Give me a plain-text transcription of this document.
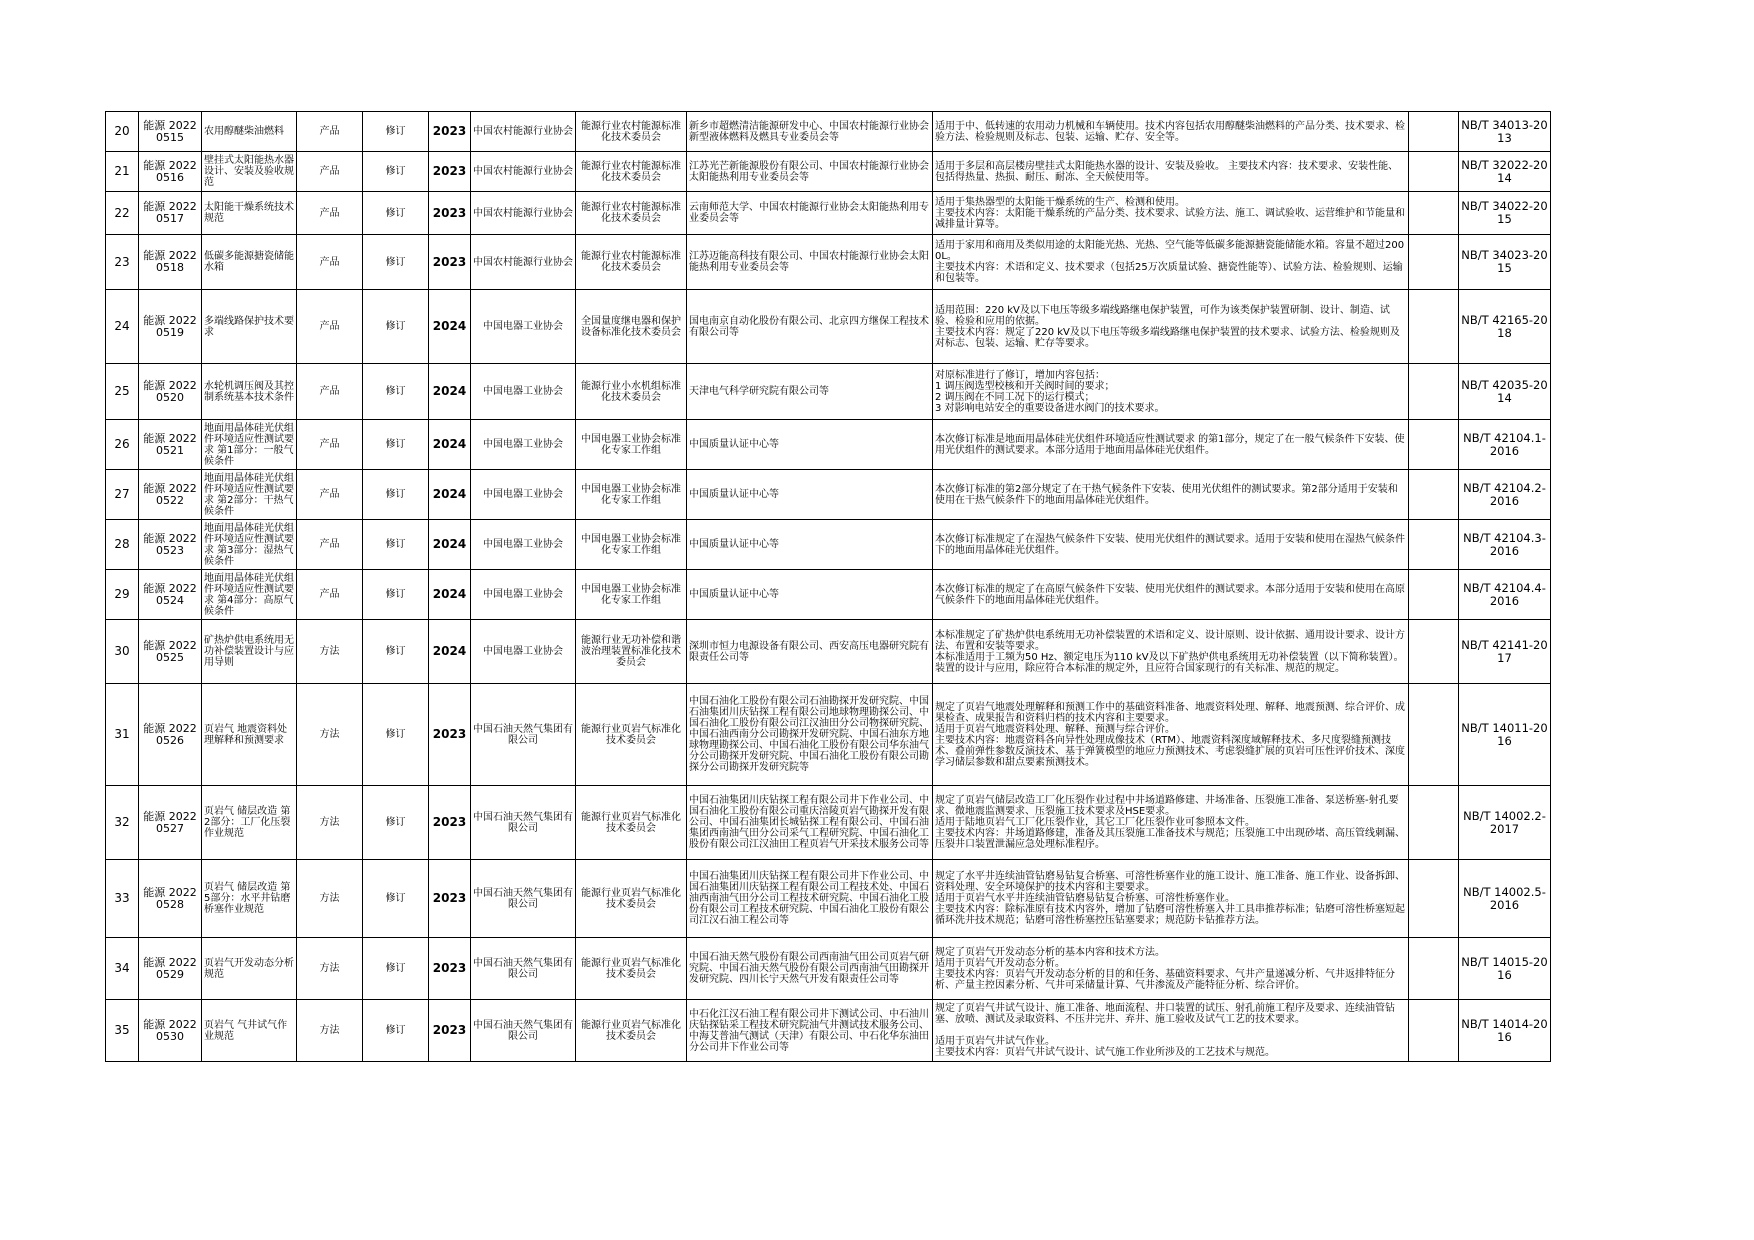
20	能源 20220515	农用醇醚柴油燃料	产品	修订	2023	中国农村能源行业协会	能源行业农村能源标准化技术委员会	新乡市超燃清洁能源研发中心、中国农村能源行业协会新型液体燃料及燃具专业委员会等	适用于中、低转速的农用动力机械和车辆使用。技术内容包括农用醇醚柴油燃料的产品分类、技术要求、检验方法、检验规则及标志、包装、运输、贮存、安全等。		NB/T 34013-2013
21	能源 20220516	壁挂式太阳能热水器设计、安装及验收规范	产品	修订	2023	中国农村能源行业协会	能源行业农村能源标准化技术委员会	江苏光芒新能源股份有限公司、中国农村能源行业协会太阳能热利用专业委员会等	适用于多层和高层楼房壁挂式太阳能热水器的设计、安装及验收。 主要技术内容：技术要求、安装性能、包括得热量、热损、耐压、耐冻、全天候使用等。		NB/T 32022-2014
22	能源 20220517	太阳能干燥系统技术规范	产品	修订	2023	中国农村能源行业协会	能源行业农村能源标准化技术委员会	云南师范大学、中国农村能源行业协会太阳能热利用专业委员会等	适用于集热器型的太阳能干燥系统的生产、检测和使用。
主要技术内容：太阳能干燥系统的产品分类、技术要求、试验方法、施工、调试验收、运营维护和节能量和减排量计算等。		NB/T 34022-2015
23	能源 20220518	低碳多能源搪瓷储能水箱	产品	修订	2023	中国农村能源行业协会	能源行业农村能源标准化技术委员会	江苏迈能高科技有限公司、中国农村能源行业协会太阳能热利用专业委员会等	适用于家用和商用及类似用途的太阳能光热、光热、空气能等低碳多能源搪瓷能储能水箱。容量不超过2000L。
主要技术内容：术语和定义、技术要求（包括25万次质量试验、搪瓷性能等）、试验方法、检验规则、运输和包装等。		NB/T 34023-2015
24	能源 20220519	多端线路保护技术要求	产品	修订	2024	中国电器工业协会	全国量度继电器和保护设备标准化技术委员会	国电南京自动化股份有限公司、北京四方继保工程技术有限公司等	适用范围：220 kV及以下电压等级多端线路继电保护装置，可作为该类保护装置研制、设计、制造、试验、检验和应用的依据。
主要技术内容：规定了220 kV及以下电压等级多端线路继电保护装置的技术要求、试验方法、检验规则及对标志、包装、运输、贮存等要求。		NB/T 42165-2018
25	能源 20220520	水轮机调压阀及其控制系统基本技术条件	产品	修订	2024	中国电器工业协会	能源行业小水机组标准化技术委员会	天津电气科学研究院有限公司等	对原标准进行了修订，增加内容包括：
1 调压阀选型校核和开关阀时间的要求；
2 调压阀在不同工况下的运行模式；
3 对影响电站安全的重要设备进水阀门的技术要求。		NB/T 42035-2014
26	能源 20220521	地面用晶体硅光伏组件环境适应性测试要求 第1部分：一般气候条件	产品	修订	2024	中国电器工业协会	中国电器工业协会标准化专家工作组	中国质量认证中心等	本次修订标准是地面用晶体硅光伏组件环境适应性测试要求 的第1部分，规定了在一般气候条件下安装、使用光伏组件的测试要求。本部分适用于地面用晶体硅光伏组件。		NB/T 42104.1-2016
27	能源 20220522	地面用晶体硅光伏组件环境适应性测试要求 第2部分：干热气候条件	产品	修订	2024	中国电器工业协会	中国电器工业协会标准化专家工作组	中国质量认证中心等	本次修订标准的第2部分规定了在干热气候条件下安装、使用光伏组件的测试要求。第2部分适用于安装和使用在干热气候条件下的地面用晶体硅光伏组件。		NB/T 42104.2-2016
28	能源 20220523	地面用晶体硅光伏组件环境适应性测试要求 第3部分：湿热气候条件	产品	修订	2024	中国电器工业协会	中国电器工业协会标准化专家工作组	中国质量认证中心等	本次修订标准规定了在湿热气候条件下安装、使用光伏组件的测试要求。适用于安装和使用在湿热气候条件下的地面用晶体硅光伏组件。		NB/T 42104.3-2016
29	能源 20220524	地面用晶体硅光伏组件环境适应性测试要求 第4部分：高原气候条件	产品	修订	2024	中国电器工业协会	中国电器工业协会标准化专家工作组	中国质量认证中心等	本次修订标准的规定了在高原气候条件下安装、使用光伏组件的测试要求。本部分适用于安装和使用在高原气候条件下的地面用晶体硅光伏组件。		NB/T 42104.4-2016
30	能源 20220525	矿热炉供电系统用无功补偿装置设计与应用导则	方法	修订	2024	中国电器工业协会	能源行业无功补偿和谐波治理装置标准化技术委员会	深圳市恒力电源设备有限公司、西安高压电器研究院有限责任公司等	本标准规定了矿热炉供电系统用无功补偿装置的术语和定义、设计原则、设计依据、通用设计要求、设计方法、布置和安装等要求。
本标准适用于工频为50 Hz、额定电压为110 kV及以下矿热炉供电系统用无功补偿装置（以下简称装置）。
装置的设计与应用，除应符合本标准的规定外，且应符合国家现行的有关标准、规范的规定。		NB/T 42141-2017
31	能源 20220526	页岩气 地震资料处理解释和预测要求	方法	修订	2023	中国石油天然气集团有限公司	能源行业页岩气标准化技术委员会	中国石油化工股份有限公司石油勘探开发研究院、中国石油集团川庆钻探工程有限公司地球物理勘探公司、中国石油化工股份有限公司江汉油田分公司物探研究院、中国石油西南分公司勘探开发研究院、中国石油东方地球物理勘探公司、中国石油化工股份有限公司华东油气分公司勘探开发研究院、中国石油化工股份有限公司勘探分公司勘探开发研究院等	规定了页岩气地震处理解释和预测工作中的基础资料准备、地震资料处理、解释、地震预测、综合评价、成果检查、成果报告和资料归档的技术内容和主要要求。
适用于页岩气地震资料处理、解释、预测与综合评价。
主要技术内容：地震资料各向异性处理成像技术（RTM）、地震资料深度域解释技术、多尺度裂缝预测技术、叠前弹性参数反演技术、基于弹簧模型的地应力预测技术、考虑裂缝扩展的页岩可压性评价技术、深度学习储层参数和甜点要素预测技术。		NB/T 14011-2016
32	能源 20220527	页岩气 储层改造 第2部分：工厂化压裂作业规范	方法	修订	2023	中国石油天然气集团有限公司	能源行业页岩气标准化技术委员会	中国石油集团川庆钻探工程有限公司井下作业公司、中国石油化工股份有限公司重庆涪陵页岩气勘探开发有限公司、中国石油集团长城钻探工程有限公司、中国石油集团西南油气田分公司采气工程研究院、中国石油化工股份有限公司江汉油田工程页岩气开采技术服务公司等	规定了页岩气储层改造工厂化压裂作业过程中井场道路修建、井场准备、压裂施工准备、泵送桥塞-射孔要求、微地震监测要求、压裂施工技术要求及HSE要求。
适用于陆地页岩气工厂化压裂作业，其它工厂化压裂作业可参照本文件。
主要技术内容：井场道路修建，准备及其压裂施工准备技术与规范；压裂施工中出现砂堵、高压管线刺漏、压裂井口装置泄漏应急处理标准程序。		NB/T 14002.2-2017
33	能源 20220528	页岩气 储层改造 第5部分：水平井钻磨桥塞作业规范	方法	修订	2023	中国石油天然气集团有限公司	能源行业页岩气标准化技术委员会	中国石油集团川庆钻探工程有限公司井下作业公司、中国石油集团川庆钻探工程有限公司工程技术处、中国石油西南油气田分公司工程技术研究院、中国石油化工股份有限公司工程技术研究院、中国石油化工股份有限公司江汉石油工程公司等	规定了水平井连续油管钻磨易钻复合桥塞、可溶性桥塞作业的施工设计、施工准备、施工作业、设备拆卸、资料处理、安全环境保护的技术内容和主要要求。
适用于页岩气水平井连续油管钻磨易钻复合桥塞、可溶性桥塞作业。
主要技术内容：除标准原有技术内容外，增加了钻磨可溶性桥塞入井工具串推荐标准；钻磨可溶性桥塞短起循环洗井技术规范；钻磨可溶性桥塞控压钻塞要求；规范防卡钻推荐方法。		NB/T 14002.5-2016
34	能源 20220529	页岩气开发动态分析规范	方法	修订	2023	中国石油天然气集团有限公司	能源行业页岩气标准化技术委员会	中国石油天然气股份有限公司西南油气田公司页岩气研究院、中国石油天然气股份有限公司西南油气田勘探开发研究院、四川长宁天然气开发有限责任公司等	规定了页岩气开发动态分析的基本内容和技术方法。
适用于页岩气开发动态分析。
主要技术内容：页岩气开发动态分析的目的和任务、基础资料要求、气井产量递减分析、气井返排特征分析、产量主控因素分析、气井可采储量计算、气井渗流及产能特征分析、综合评价。		NB/T 14015-2016
35	能源 20220530	页岩气 气井试气作业规范	方法	修订	2023	中国石油天然气集团有限公司	能源行业页岩气标准化技术委员会	中石化江汉石油工程有限公司井下测试公司、中石油川庆钻探钻采工程技术研究院油气井测试技术服务公司、中海艾普油气测试（天津）有限公司、中石化华东油田分公司井下作业公司等	规定了页岩气井试气设计、施工准备、地面流程、井口装置的试压、射孔前施工程序及要求、连续油管钻塞、放喷、测试及录取资料、不压井完井、弃井、施工验收及试气工艺的技术要求。

适用于页岩气井试气作业。
主要技术内容：页岩气井试气设计、试气施工作业所涉及的工艺技术与规范。		NB/T 14014-2016
